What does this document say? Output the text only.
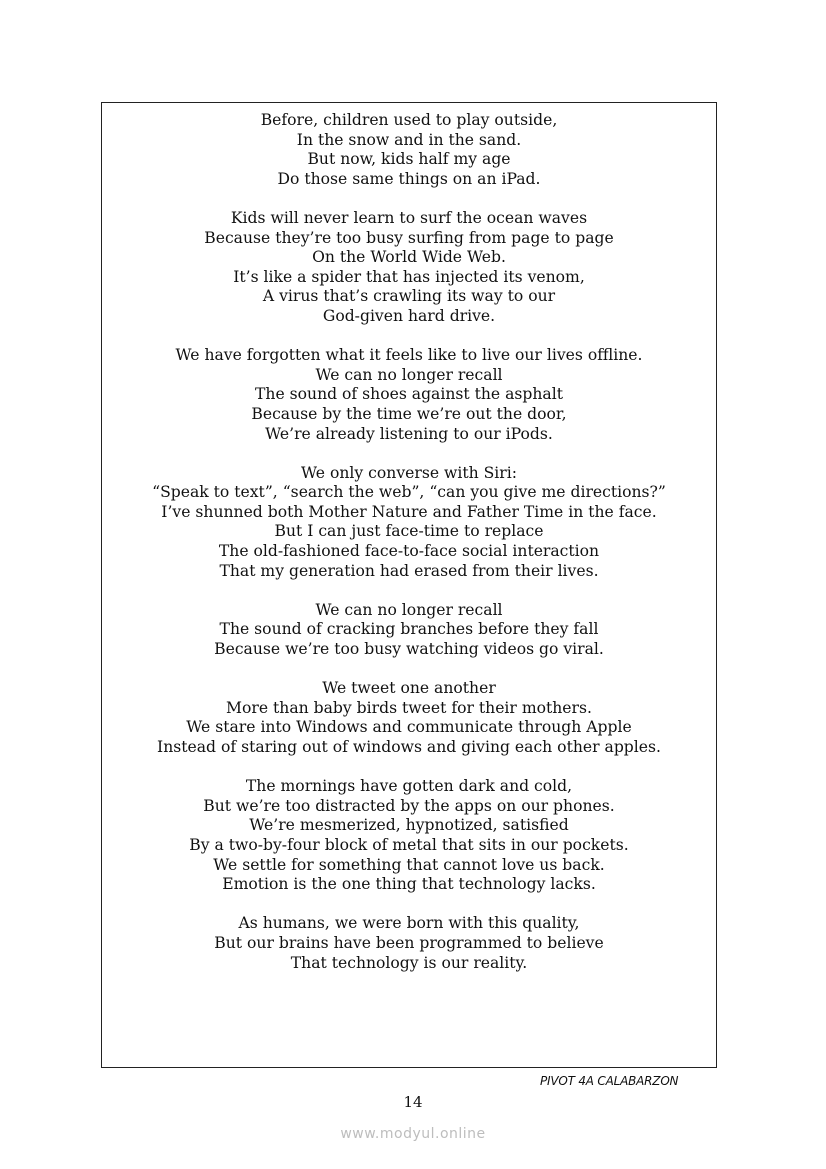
Before, children used to play outside,
In the snow and in the sand.
But now, kids half my age
Do those same things on an iPad.
Kids will never learn to surf the ocean waves
Because they’re too busy surfing from page to page
On the World Wide Web.
It’s like a spider that has injected its venom,
A virus that’s crawling its way to our
God-given hard drive.
We have forgotten what it feels like to live our lives offline.
We can no longer recall
The sound of shoes against the asphalt
Because by the time we’re out the door,
We’re already listening to our iPods.
We only converse with Siri:
“Speak to text”, “search the web”, “can you give me directions?”
I’ve shunned both Mother Nature and Father Time in the face.
But I can just face-time to replace
The old-fashioned face-to-face social interaction
That my generation had erased from their lives.
We can no longer recall
The sound of cracking branches before they fall
Because we’re too busy watching videos go viral.
We tweet one another
More than baby birds tweet for their mothers.
We stare into Windows and communicate through Apple
Instead of staring out of windows and giving each other apples.
The mornings have gotten dark and cold,
But we’re too distracted by the apps on our phones.
We’re mesmerized, hypnotized, satisfied
By a two-by-four block of metal that sits in our pockets.
We settle for something that cannot love us back.
Emotion is the one thing that technology lacks.
As humans, we were born with this quality,
But our brains have been programmed to believe
That technology is our reality.
PIVOT 4A CALABARZON
14
www.modyul.online
